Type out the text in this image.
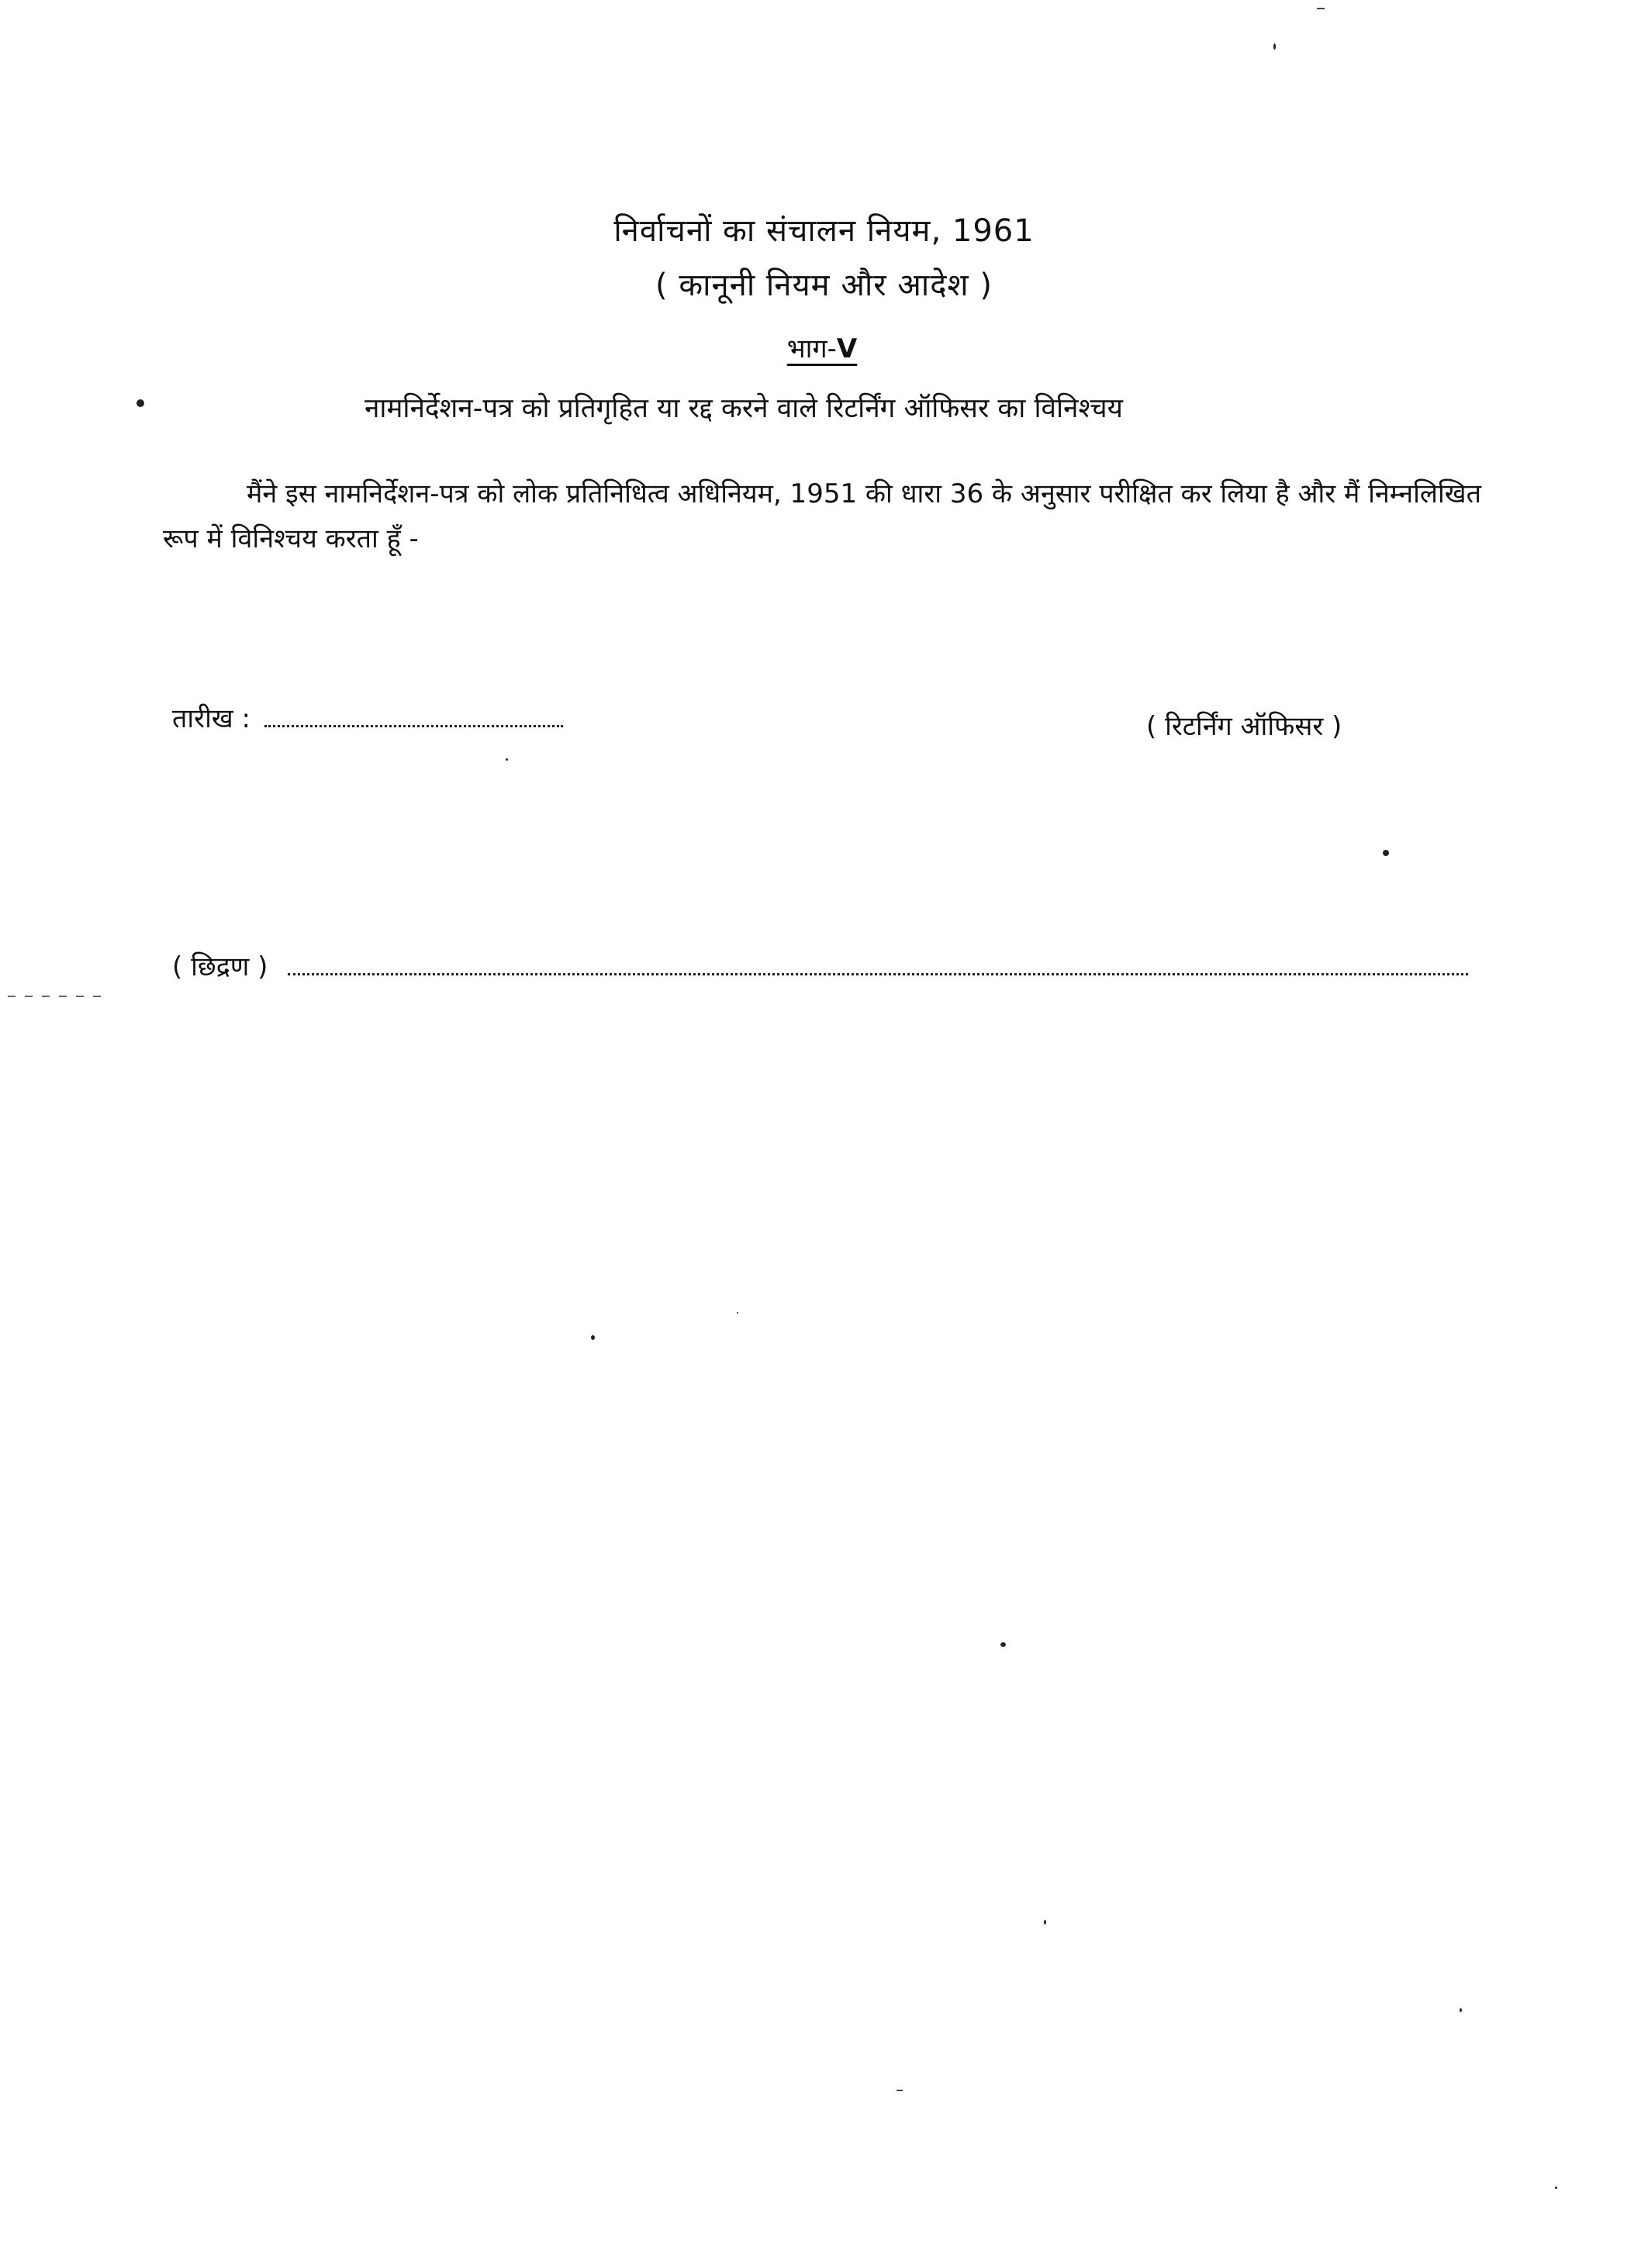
निर्वाचनों का संचालन नियम, 1961
( कानूनी नियम और आदेश )
भाग-V
नामनिर्देशन-पत्र को प्रतिगृहित या रद्द करने वाले रिटर्निंग ऑफिसर का विनिश्चय
मैंने इस नामनिर्देशन-पत्र को लोक प्रतिनिधित्व अधिनियम, 1951 की धारा 36 के अनुसार परीक्षित कर लिया है और मैं निम्नलिखित रूप में विनिश्चय करता हूँ -
तारीख :	( रिटर्निंग ऑफिसर )
( छिद्रण )
